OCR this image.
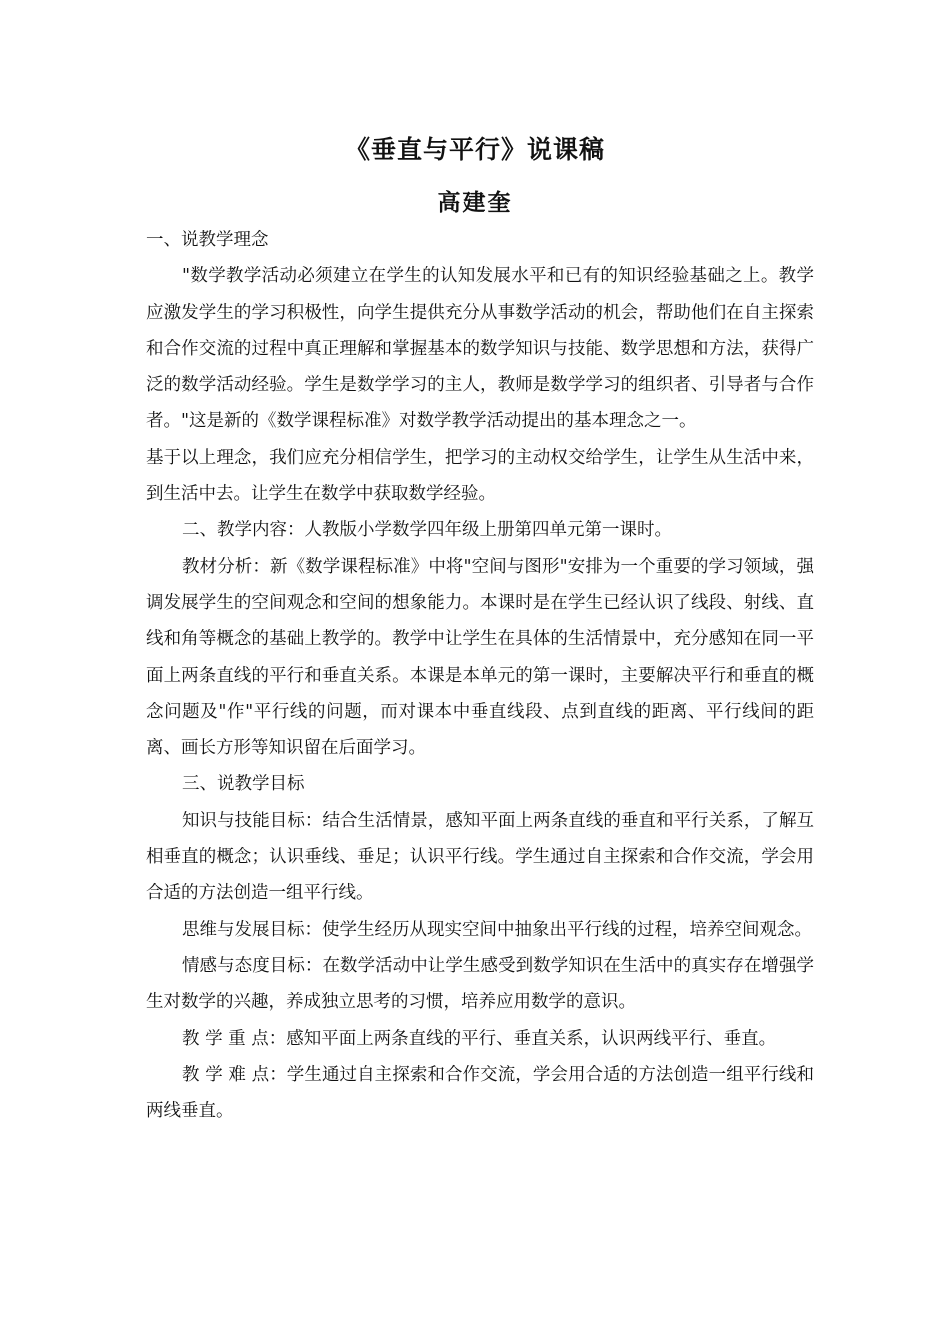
《垂直与平行》说课稿
高建奎

一、说教学理念

"数学教学活动必须建立在学生的认知发展水平和已有的知识经验基础之上。教学应激发学生的学习积极性，向学生提供充分从事数学活动的机会，帮助他们在自主探索和合作交流的过程中真正理解和掌握基本的数学知识与技能、数学思想和方法，获得广泛的数学活动经验。学生是数学学习的主人，教师是数学学习的组织者、引导者与合作者。"这是新的《数学课程标准》对数学教学活动提出的基本理念之一。

基于以上理念，我们应充分相信学生，把学习的主动权交给学生，让学生从生活中来，到生活中去。让学生在数学中获取数学经验。

二、教学内容：人教版小学数学四年级上册第四单元第一课时。

教材分析：新《数学课程标准》中将"空间与图形"安排为一个重要的学习领域，强调发展学生的空间观念和空间的想象能力。本课时是在学生已经认识了线段、射线、直线和角等概念的基础上教学的。教学中让学生在具体的生活情景中，充分感知在同一平面上两条直线的平行和垂直关系。本课是本单元的第一课时，主要解决平行和垂直的概念问题及"作"平行线的问题，而对课本中垂直线段、点到直线的距离、平行线间的距离、画长方形等知识留在后面学习。

三、说教学目标

知识与技能目标：结合生活情景，感知平面上两条直线的垂直和平行关系，了解互相垂直的概念；认识垂线、垂足；认识平行线。学生通过自主探索和合作交流，学会用合适的方法创造一组平行线。

思维与发展目标：使学生经历从现实空间中抽象出平行线的过程，培养空间观念。

情感与态度目标：在数学活动中让学生感受到数学知识在生活中的真实存在增强学生对数学的兴趣，养成独立思考的习惯，培养应用数学的意识。

教 学 重 点：感知平面上两条直线的平行、垂直关系，认识两线平行、垂直。

教 学 难 点：学生通过自主探索和合作交流，学会用合适的方法创造一组平行线和两线垂直。
